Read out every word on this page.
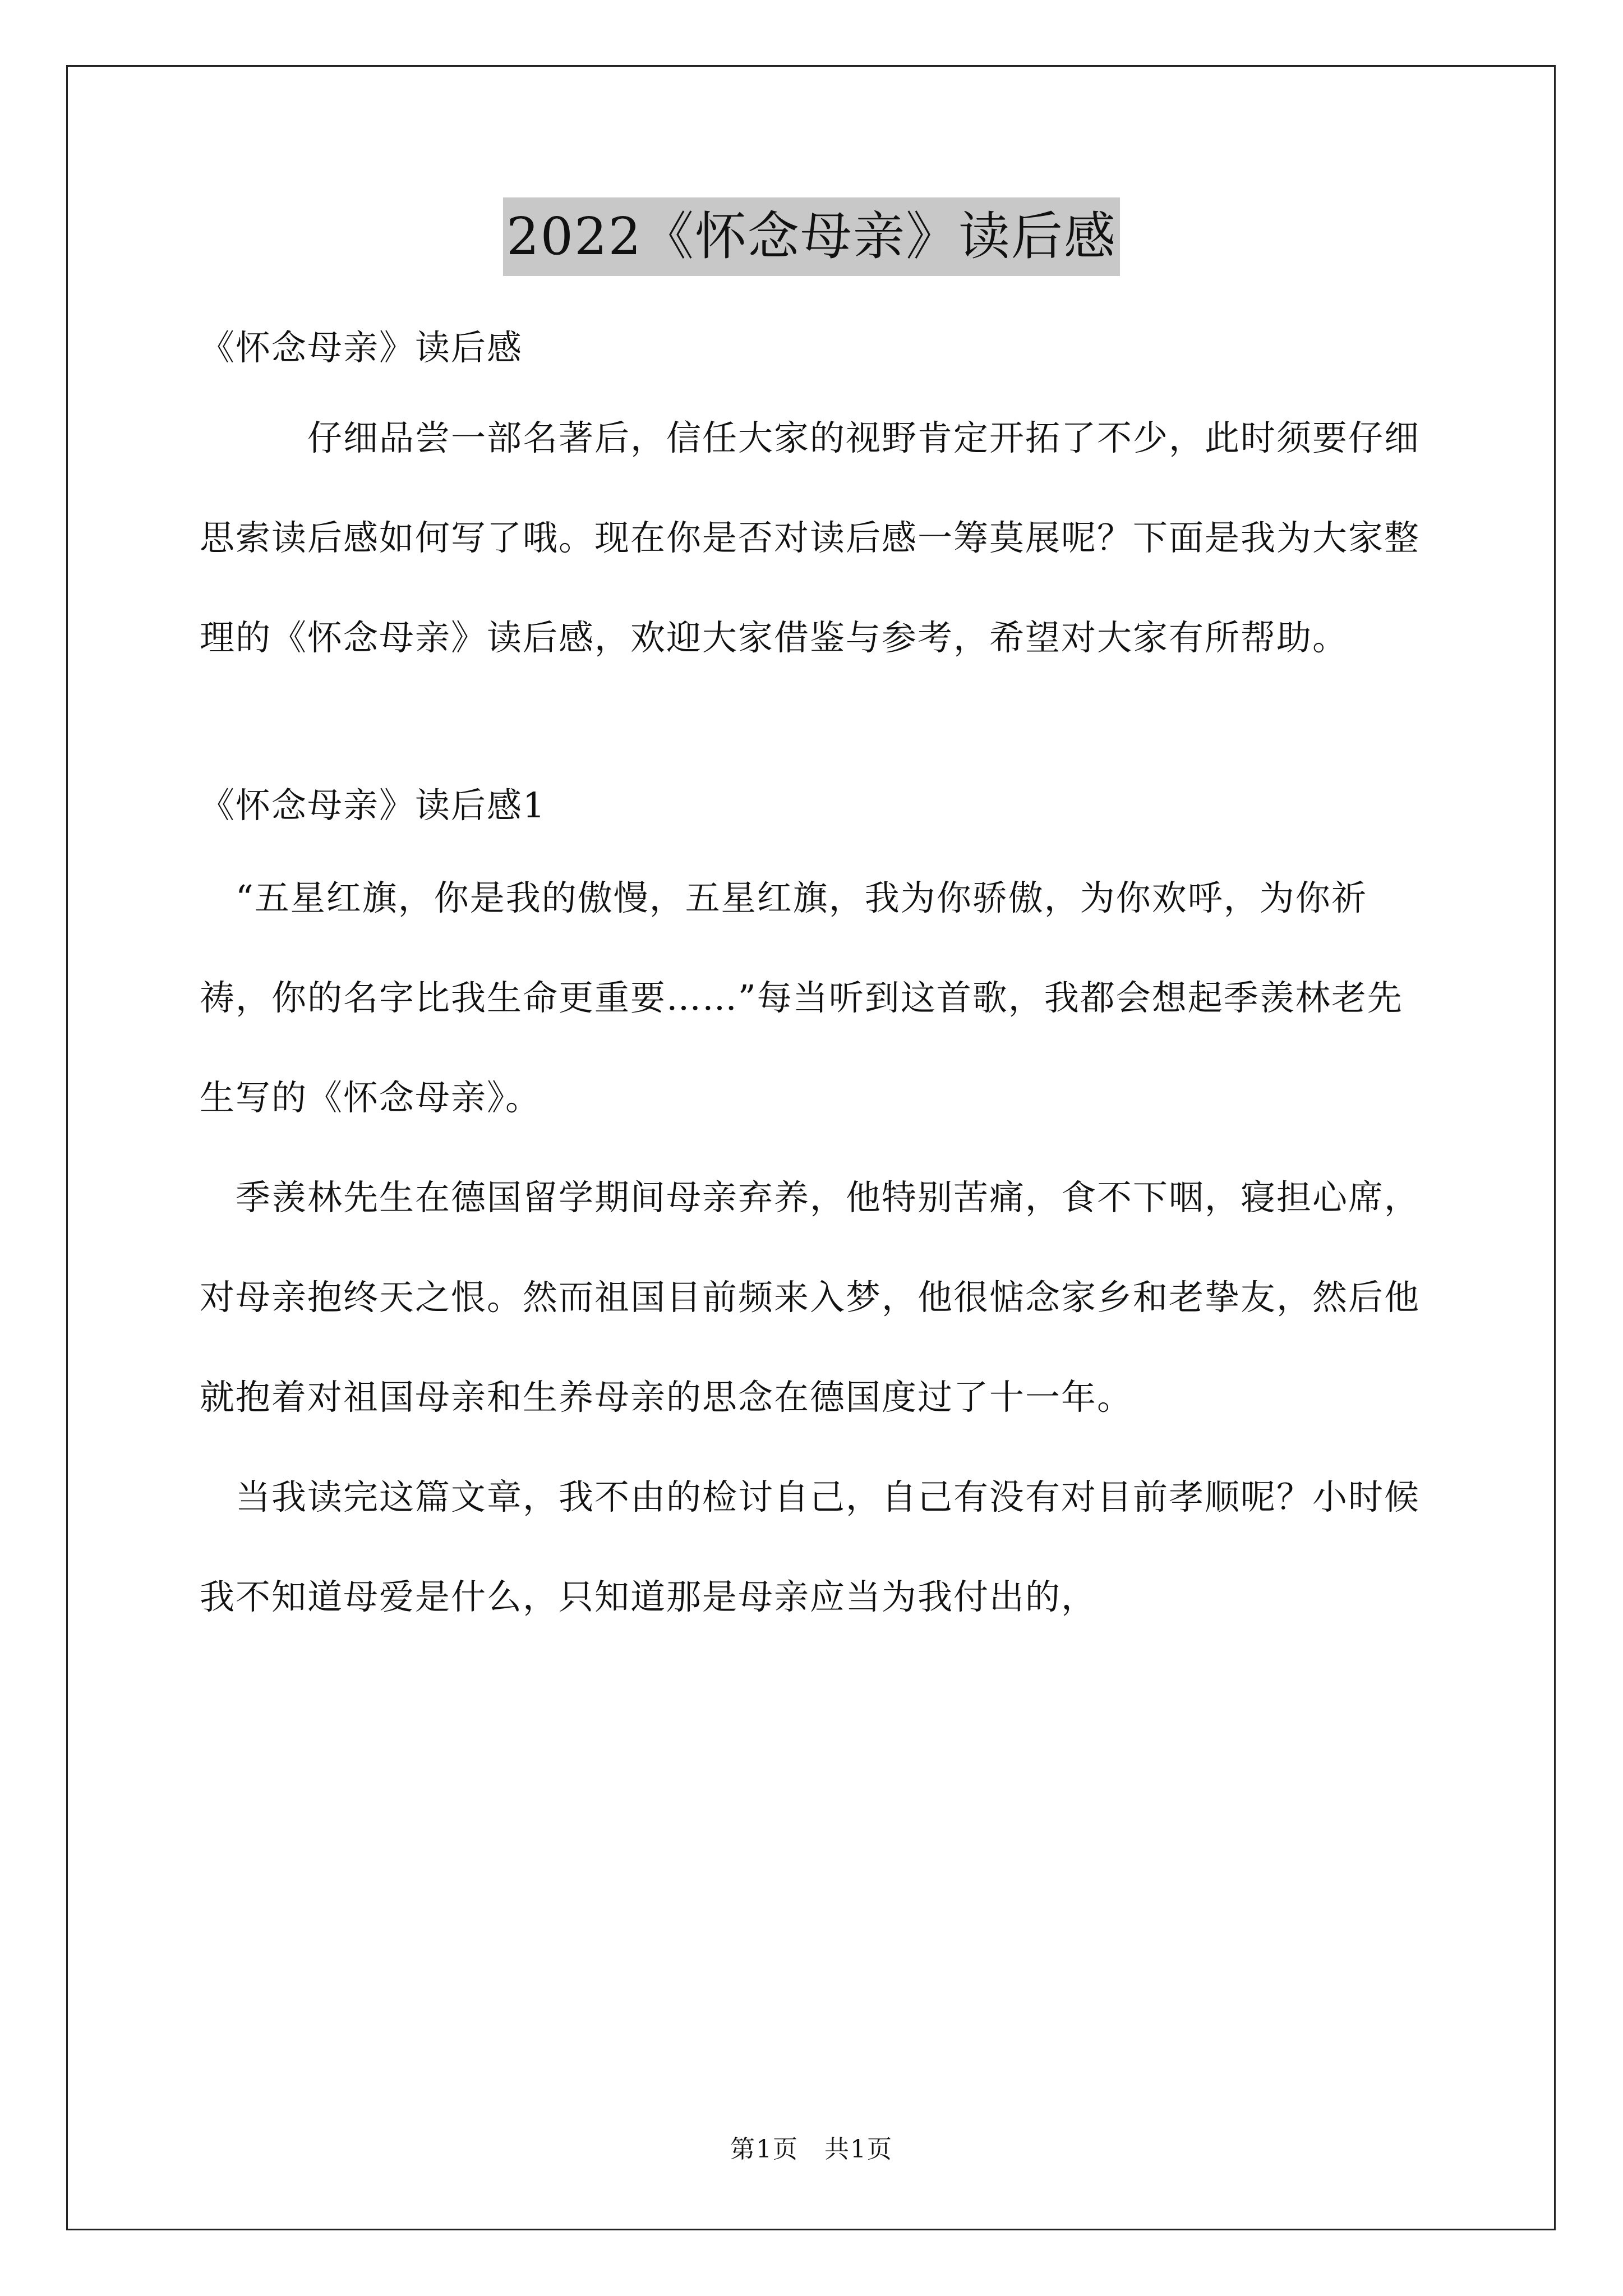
2022《怀念母亲》读后感

《怀念母亲》读后感

　　　仔细品尝一部名著后，信任大家的视野肯定开拓了不少，此时须要仔细思索读后感如何写了哦。现在你是否对读后感一筹莫展呢？下面是我为大家整理的《怀念母亲》读后感，欢迎大家借鉴与参考，希望对大家有所帮助。

《怀念母亲》读后感1

　“五星红旗，你是我的傲慢，五星红旗，我为你骄傲，为你欢呼，为你祈祷，你的名字比我生命更重要……”每当听到这首歌，我都会想起季羡林老先生写的《怀念母亲》。

　季羡林先生在德国留学期间母亲弃养，他特别苦痛，食不下咽，寝担心席，对母亲抱终天之恨。然而祖国目前频来入梦，他很惦念家乡和老挚友，然后他就抱着对祖国母亲和生养母亲的思念在德国度过了十一年。

　当我读完这篇文章，我不由的检讨自己，自己有没有对目前孝顺呢？小时候我不知道母爱是什么，只知道那是母亲应当为我付出的，

第1页　共1页
